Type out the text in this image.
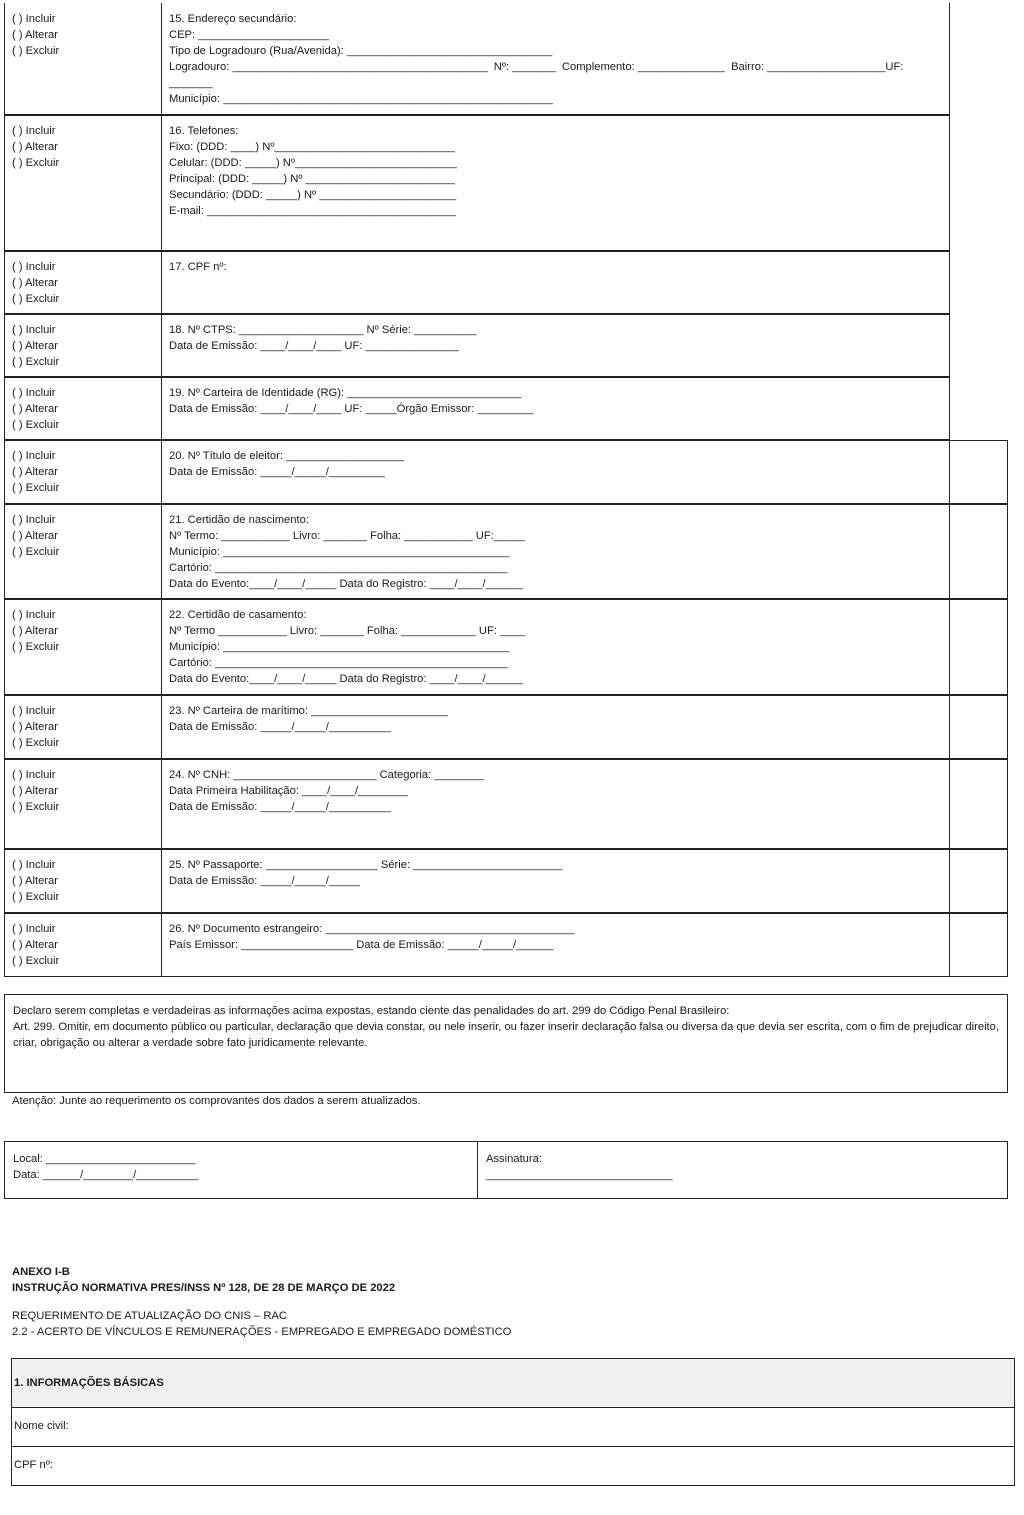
( ) Incluir
( ) Alterar
( ) Excluir
15. Endereço secundário:
CEP: _____________________
Tipo de Logradouro (Rua/Avenida): _________________________________
Logradouro: _________________________________________  Nº: _______  Complemento: ______________  Bairro: ___________________UF:
_______
Município: _____________________________________________________
( ) Incluir
( ) Alterar
( ) Excluir
16. Telefones:
Fixo: (DDD: ____) Nº_____________________________
Celular: (DDD: _____) Nº__________________________
Principal: (DDD: _____) Nº ________________________
Secundário: (DDD: _____) Nº ______________________
E-mail: ________________________________________
( ) Incluir
( ) Alterar
( ) Excluir
17. CPF nº:
( ) Incluir
( ) Alterar
( ) Excluir
18. Nº CTPS: ____________________ Nº Série: __________
Data de Emissão: ____/____/____ UF: _______________
( ) Incluir
( ) Alterar
( ) Excluir
19. Nº Carteira de Identidade (RG): ____________________________
Data de Emissão: ____/____/____ UF: _____Órgão Emissor: _________
( ) Incluir
( ) Alterar
( ) Excluir
20. Nº Título de eleitor: ___________________
Data de Emissão: _____/_____/_________
( ) Incluir
( ) Alterar
( ) Excluir
21. Certidão de nascimento:
Nº Termo: ___________ Livro: _______ Folha: ___________ UF:_____
Município: ______________________________________________
Cartório: _______________________________________________
Data do Evento:____/____/_____ Data do Registro: ____/____/______
( ) Incluir
( ) Alterar
( ) Excluir
22. Certidão de casamento:
Nº Termo ___________ Livro: _______ Folha: ____________ UF: ____
Município: ______________________________________________
Cartório: _______________________________________________
Data do Evento:____/____/_____ Data do Registro: ____/____/______
( ) Incluir
( ) Alterar
( ) Excluir
23. Nº Carteira de marítimo: ______________________
Data de Emissão: _____/_____/__________
( ) Incluir
( ) Alterar
( ) Excluir
24. Nº CNH: _______________________ Categoria: ________
Data Primeira Habilitação: ____/____/________
Data de Emissão: _____/_____/__________
( ) Incluir
( ) Alterar
( ) Excluir
25. Nº Passaporte: __________________ Série: ________________________
Data de Emissão: _____/_____/_____
( ) Incluir
( ) Alterar
( ) Excluir
26. Nº Documento estrangeiro: ________________________________________
País Emissor: __________________ Data de Emissão: _____/_____/______
Declaro serem completas e verdadeiras as informações acima expostas, estando ciente das penalidades do art. 299 do Código Penal Brasileiro:
Art. 299. Omitir, em documento público ou particular, declaração que devia constar, ou nele inserir, ou fazer inserir declaração falsa ou diversa da que devia ser escrita, com o fim de prejudicar direito, criar, obrigação ou alterar a verdade sobre fato juridicamente relevante.
Atenção: Junte ao requerimento os comprovantes dos dados a serem atualizados.
Local: ________________________
Data: ______/________/__________
Assinatura:
______________________________
ANEXO I-B
INSTRUÇÃO NORMATIVA PRES/INSS Nº 128, DE 28 DE MARÇO DE 2022
REQUERIMENTO DE ATUALIZAÇÃO DO CNIS – RAC
2.2 - ACERTO DE VÍNCULOS E REMUNERAÇÕES - EMPREGADO E EMPREGADO DOMÉSTICO
1. INFORMAÇÕES BÁSICAS
Nome civil:
CPF nº:
